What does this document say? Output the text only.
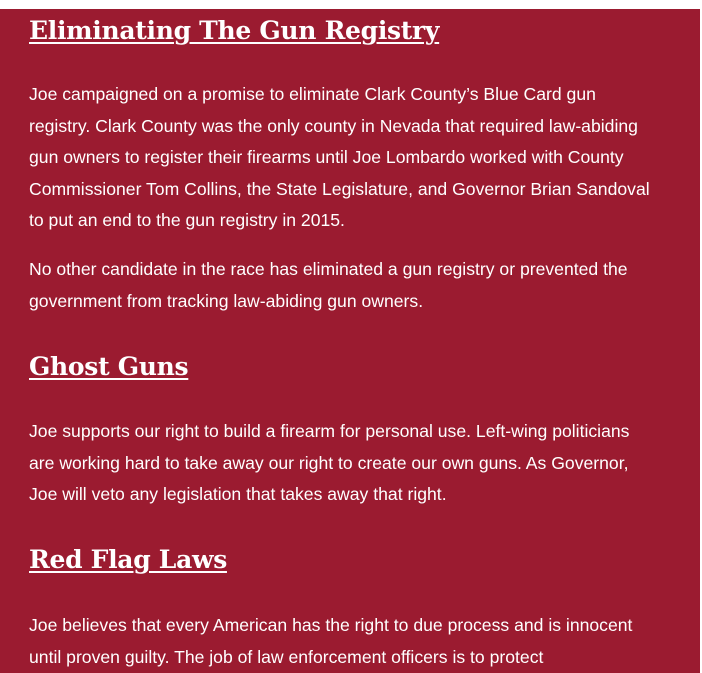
Eliminating The Gun Registry

Joe campaigned on a promise to eliminate Clark County’s Blue Card gun registry. Clark County was the only county in Nevada that required law-abiding gun owners to register their firearms until Joe Lombardo worked with County Commissioner Tom Collins, the State Legislature, and Governor Brian Sandoval to put an end to the gun registry in 2015.

No other candidate in the race has eliminated a gun registry or prevented the government from tracking law-abiding gun owners.

Ghost Guns

Joe supports our right to build a firearm for personal use. Left-wing politicians are working hard to take away our right to create our own guns. As Governor, Joe will veto any legislation that takes away that right.

Red Flag Laws

Joe believes that every American has the right to due process and is innocent until proven guilty. The job of law enforcement officers is to protect
